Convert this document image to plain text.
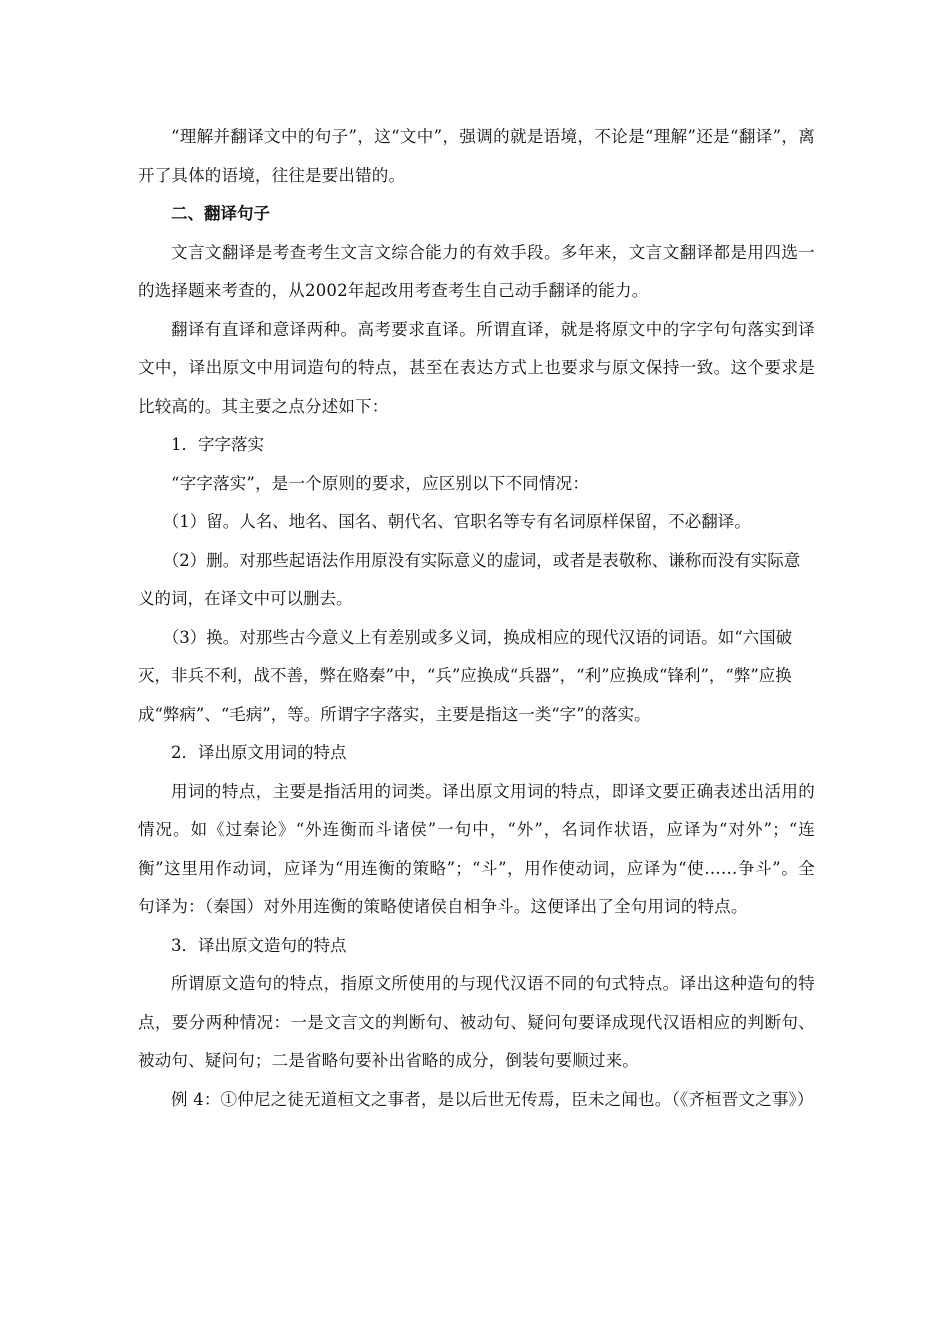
“理解并翻译文中的句子”，这“文中”，强调的就是语境，不论是“理解”还是“翻译”，离开了具体的语境，往往是要出错的。

二、翻译句子

文言文翻译是考查考生文言文综合能力的有效手段。多年来，文言文翻译都是用四选一的选择题来考查的，从2002年起改用考查考生自己动手翻译的能力。

翻译有直译和意译两种。高考要求直译。所谓直译，就是将原文中的字字句句落实到译文中，译出原文中用词造句的特点，甚至在表达方式上也要求与原文保持一致。这个要求是比较高的。其主要之点分述如下：

1．字字落实

“字字落实”，是一个原则的要求，应区别以下不同情况：

（1）留。人名、地名、国名、朝代名、官职名等专有名词原样保留，不必翻译。

（2）删。对那些起语法作用原没有实际意义的虚词，或者是表敬称、谦称而没有实际意义的词，在译文中可以删去。

（3）换。对那些古今意义上有差别或多义词，换成相应的现代汉语的词语。如“六国破灭，非兵不利，战不善，弊在赂秦”中，“兵”应换成“兵器”，“利”应换成“锋利”，“弊”应换成“弊病”、“毛病”，等。所谓字字落实，主要是指这一类“字”的落实。

2．译出原文用词的特点

用词的特点，主要是指活用的词类。译出原文用词的特点，即译文要正确表述出活用的情况。如《过秦论》“外连衡而斗诸侯”一句中，“外”，名词作状语，应译为“对外”；“连衡”这里用作动词，应译为“用连衡的策略”；“斗”，用作使动词，应译为“使……争斗”。全句译为：（秦国）对外用连衡的策略使诸侯自相争斗。这便译出了全句用词的特点。

3．译出原文造句的特点

所谓原文造句的特点，指原文所使用的与现代汉语不同的句式特点。译出这种造句的特点，要分两种情况：一是文言文的判断句、被动句、疑问句要译成现代汉语相应的判断句、被动句、疑问句；二是省略句要补出省略的成分，倒装句要顺过来。

例 4：①仲尼之徒无道桓文之事者，是以后世无传焉，臣未之闻也。（《齐桓晋文之事》）
